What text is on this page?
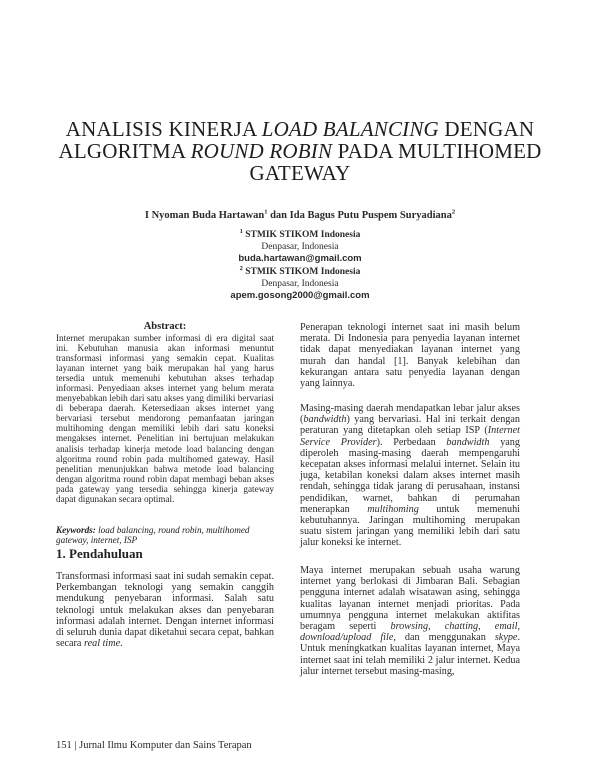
ANALISIS KINERJA LOAD BALANCING DENGAN
ALGORITMA ROUND ROBIN PADA MULTIHOMED
GATEWAY
I Nyoman Buda Hartawan$^1$ dan Ida Bagus Putu Puspem Suryadiana$^2$
$^1$ STMIK STIKOM Indonesia
Denpasar, Indonesia
buda.hartawan@gmail.com
$^2$ STMIK STIKOM Indonesia
Denpasar, Indonesia
apem.gosong2000@gmail.com
Abstract:
Internet merupakan sumber informasi di era digital saat ini. Kebutuhan manusia akan informasi menuntut transformasi informasi yang semakin cepat. Kualitas layanan internet yang baik merupakan hal yang harus tersedia untuk memenuhi kebutuhan akses terhadap informasi. Penyediaan akses internet yang belum merata menyebabkan lebih dari satu akses yang dimiliki bervariasi di beberapa daerah. Ketersediaan akses internet yang bervariasi tersebut mendorong pemanfaatan jaringan multihoming dengan memiliki lebih dari satu koneksi mengakses internet. Penelitian ini bertujuan melakukan analisis terhadap kinerja metode load balancing dengan algoritma round robin pada multihomed gateway. Hasil penelitian menunjukkan bahwa metode load balancing dengan algoritma round robin dapat membagi beban akses pada gateway yang tersedia sehingga kinerja gateway dapat digunakan secara optimal.
Keywords: load balancing, round robin, multihomed gateway, internet, ISP
1. Pendahuluan
Transformasi informasi saat ini sudah semakin cepat. Perkembangan teknologi yang semakin canggih mendukung penyebaran informasi. Salah satu teknologi untuk melakukan akses dan penyebaran informasi adalah internet. Dengan internet informasi di seluruh dunia dapat diketahui secara cepat, bahkan secara real time.
Penerapan teknologi internet saat ini masih belum merata. Di Indonesia para penyedia layanan internet tidak dapat menyediakan layanan internet yang murah dan handal [1]. Banyak kelebihan dan kekurangan antara satu penyedia layanan dengan yang lainnya.
Masing-masing daerah mendapatkan lebar jalur akses (bandwidth) yang bervariasi. Hal ini terkait dengan peraturan yang ditetapkan oleh setiap ISP (Internet Service Provider). Perbedaan bandwidth yang diperoleh masing-masing daerah mempengaruhi kecepatan akses informasi melalui internet. Selain itu juga, ketabilan koneksi dalam akses internet masih rendah, sehingga tidak jarang di perusahaan, instansi pendidikan, warnet, bahkan di perumahan menerapkan multihoming untuk memenuhi kebutuhannya. Jaringan multihoming merupakan suatu sistem jaringan yang memiliki lebih dari satu jalur koneksi ke internet.
Maya internet merupakan sebuah usaha warung internet yang berlokasi di Jimbaran Bali. Sebagian pengguna internet adalah wisatawan asing, sehingga kualitas layanan internet menjadi prioritas. Pada umumnya pengguna internet melakukan aktifitas beragam seperti browsing, chatting, email, download/upload file, dan menggunakan skype. Untuk meningkatkan kualitas layanan internet, Maya internet saat ini telah memiliki 2 jalur internet. Kedua jalur internet tersebut masing-masing,
151 | Jurnal Ilmu Komputer dan Sains Terapan
